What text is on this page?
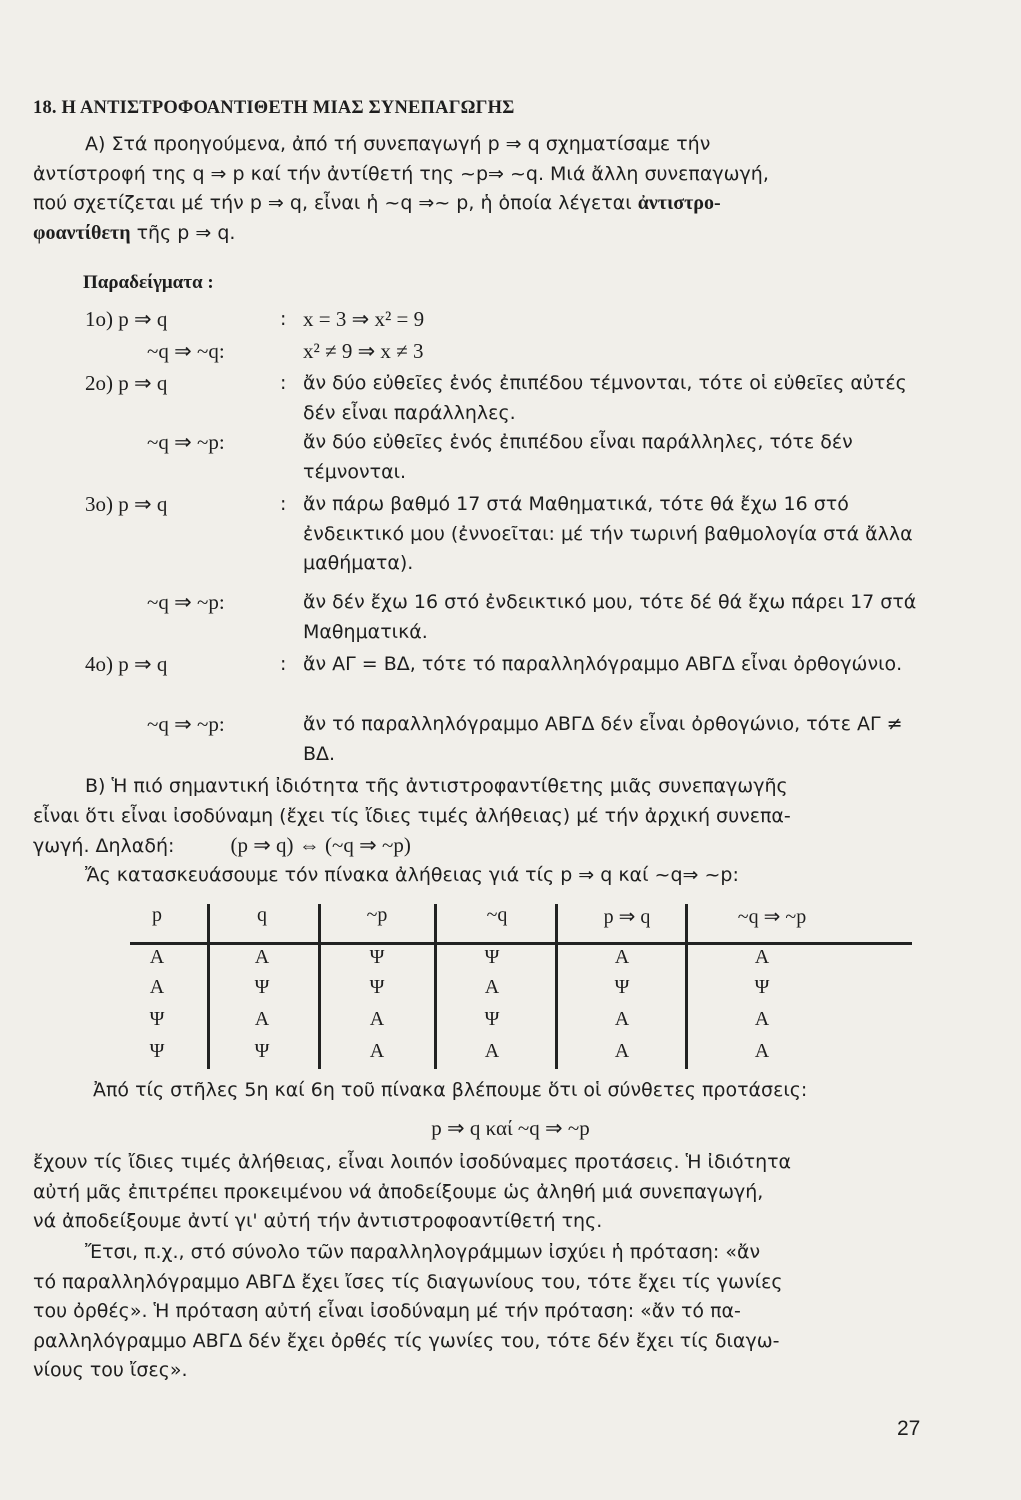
18. Η ΑΝΤΙΣΤΡΟΦΟΑΝΤΙΘΕΤΗ ΜΙΑΣ ΣΥΝΕΠΑΓΩΓΗΣ

Α) Στά προηγούμενα, ἀπό τή συνεπαγωγή p ⇒ q σχηματίσαμε τήν

ἀντίστροφή της q ⇒ p καί τήν ἀντίθετή της ~p⇒ ~q. Μιά ἄλλη συνεπαγωγή,

πού σχετίζεται μέ τήν p ⇒ q, εἶναι ἡ ~q ⇒~ p, ἡ ὁποία λέγεται ἀντιστρο-

φοαντίθετη τῆς p ⇒ q.

Παραδείγματα :
1ο) p ⇒ q	: x = 3 ⇒ x² = 9
~q ⇒ ~q:	x² ≠ 9 ⇒ x ≠ 3
2ο) p ⇒ q	: ἄν δύο εὐθεῖες ἑνός ἐπιπέδου τέμνονται, τότε οἱ εὐθεῖες αὐτές δέν εἶναι παράλληλες.
~q ⇒ ~p:	ἄν δύο εὐθεῖες ἑνός ἐπιπέδου εἶναι παράλληλες, τότε δέν τέμνονται.
3ο) p ⇒ q	: ἄν πάρω βαθμό 17 στά Μαθηματικά, τότε θά ἔχω 16 στό ἐνδεικτικό μου (ἐννοεῖται: μέ τήν τωρινή βαθμολογία στά ἄλλα μαθήματα).
~q ⇒ ~p:	ἄν δέν ἔχω 16 στό ἐνδεικτικό μου, τότε δέ θά ἔχω πάρει 17 στά Μαθηματικά.
4ο) p ⇒ q	: ἄν ΑΓ = ΒΔ, τότε τό παραλληλόγραμμο ΑΒΓΔ εἶναι ὀρθογώνιο.
~q ⇒ ~p:	ἄν τό παραλληλόγραμμο ΑΒΓΔ δέν εἶναι ὀρθογώνιο, τότε ΑΓ ≠ ΒΔ.

Β) Ἡ πιό σημαντική ἰδιότητα τῆς ἀντιστροφαντίθετης μιᾶς συνεπαγωγῆς

εἶναι ὅτι εἶναι ἰσοδύναμη (ἔχει τίς ἴδιες τιμές ἀλήθειας) μέ τήν ἀρχική συνεπα-

γωγή. Δηλαδή:	(p ⇒ q) ⇔ (~q ⇒ ~p)

Ἄς κατασκευάσουμε τόν πίνακα ἀλήθειας γιά τίς p ⇒ q καί ~q⇒ ~p:

p	q	~p	~q	p ⇒ q	~q ⇒ ~p
Α	Α	Ψ	Ψ	Α	Α
Α	Ψ	Ψ	Α	Ψ	Ψ
Ψ	Α	Α	Ψ	Α	Α
Ψ	Ψ	Α	Α	Α	Α

Ἀπό τίς στῆλες 5η καί 6η τοῦ πίνακα βλέπουμε ὅτι οἱ σύνθετες προτάσεις:

p ⇒ q καί ~q ⇒ ~p

ἔχουν τίς ἴδιες τιμές ἀλήθειας, εἶναι λοιπόν ἰσοδύναμες προτάσεις. Ἡ ἰδιότητα

αὐτή μᾶς ἐπιτρέπει προκειμένου νά ἀποδείξουμε ὡς ἀληθή μιά συνεπαγωγή,

νά ἀποδείξουμε ἀντί γι' αὐτή τήν ἀντιστροφοαντίθετή της.

Ἔτσι, π.χ., στό σύνολο τῶν παραλληλογράμμων ἰσχύει ἡ πρόταση: «ἄν

τό παραλληλόγραμμο ΑΒΓΔ ἔχει ἴσες τίς διαγωνίους του, τότε ἔχει τίς γωνίες

του ὀρθές». Ἡ πρόταση αὐτή εἶναι ἰσοδύναμη μέ τήν πρόταση: «ἄν τό πα-

ραλληλόγραμμο ΑΒΓΔ δέν ἔχει ὀρθές τίς γωνίες του, τότε δέν ἔχει τίς διαγω-

νίους του ἴσες».

27
